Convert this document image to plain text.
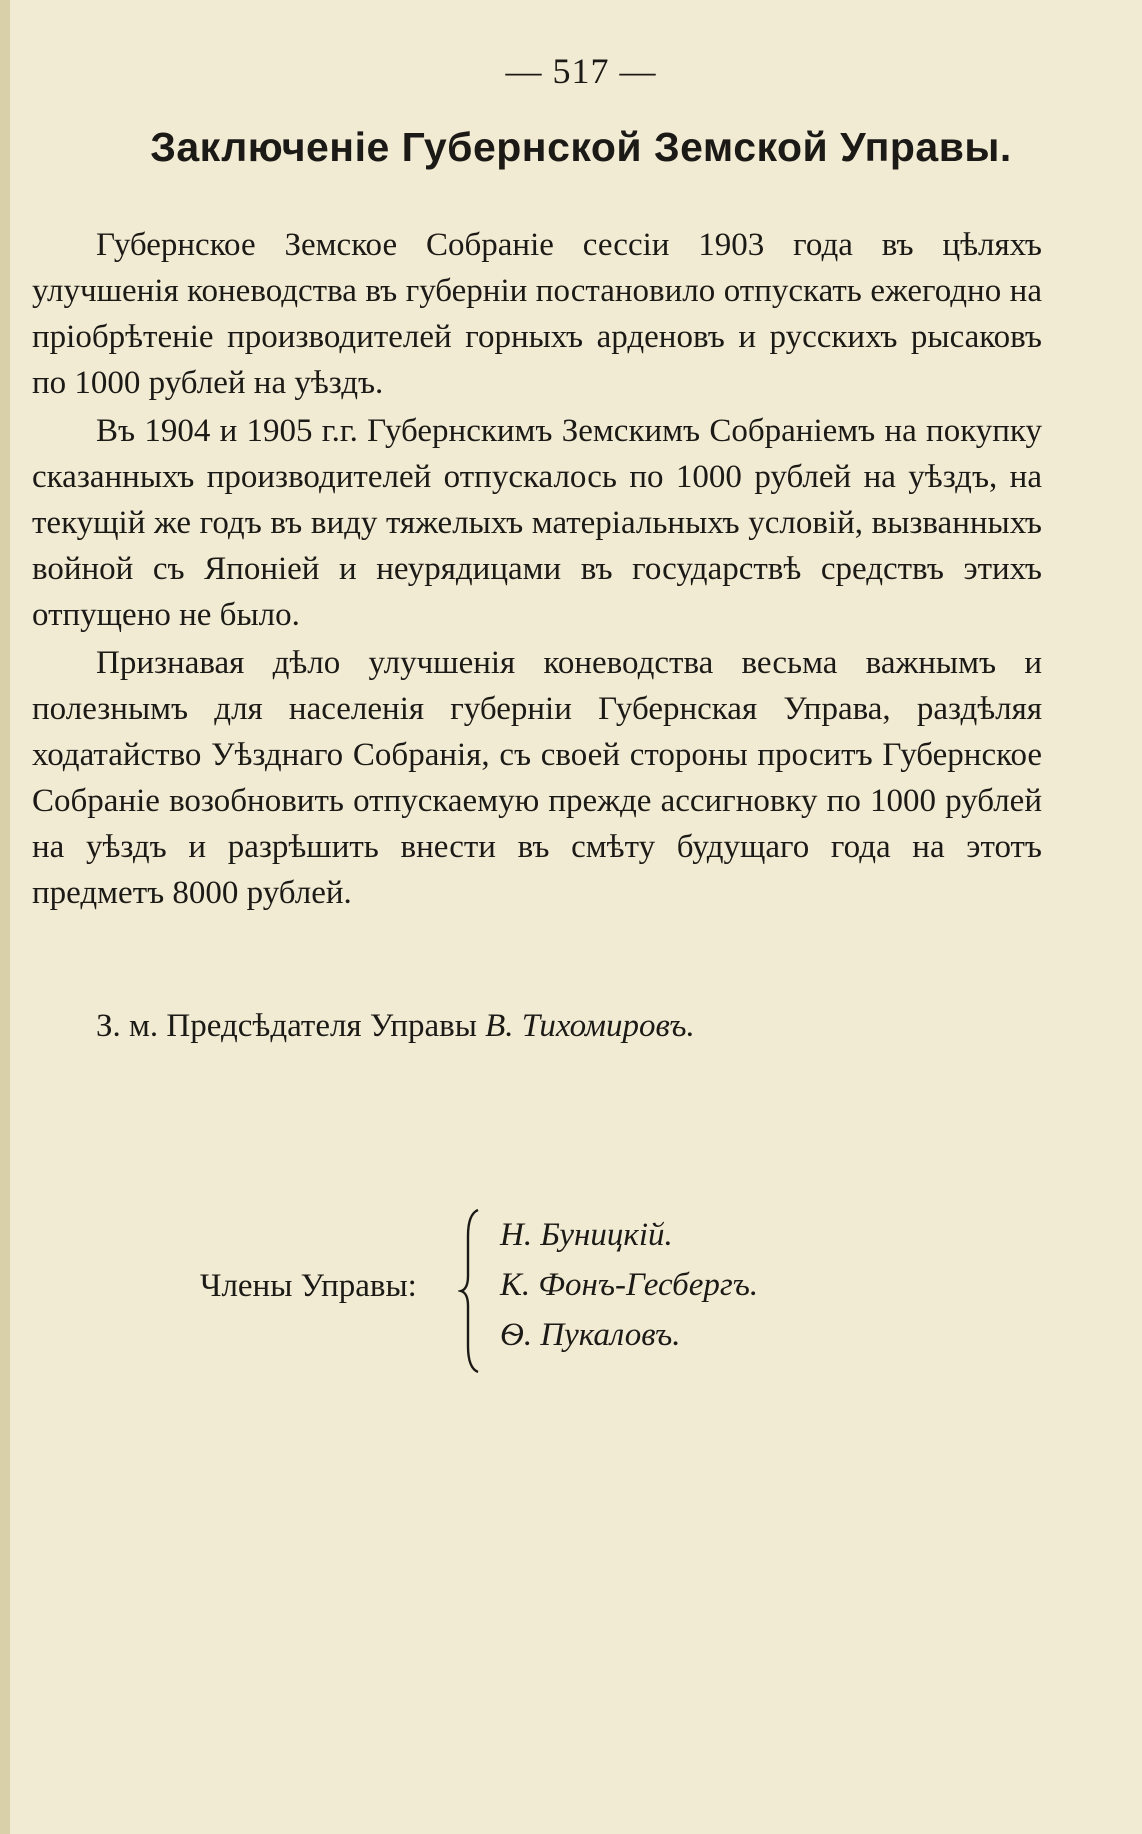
— 517 —
Заключеніе Губернской Земской Управы.

Губернское Земское Собраніе сессіи 1903 года въ цѣляхъ улучшенія коневодства въ губерніи постановило отпускать ежегодно на пріобрѣтеніе производителей горныхъ арденовъ и русскихъ рысаковъ по 1000 рублей на уѣздъ.

Въ 1904 и 1905 г.г. Губернскимъ Земскимъ Собраніемъ на покупку сказанныхъ производителей отпускалось по 1000 рублей на уѣздъ, на текущій же годъ въ виду тяжелыхъ матеріальныхъ условій, вызванныхъ войной съ Японіей и неурядицами въ государствѣ средствъ этихъ отпущено не было.

Признавая дѣло улучшенія коневодства весьма важнымъ и полезнымъ для населенія губерніи Губернская Управа, раздѣляя ходатайство Уѣзднаго Собранія, съ своей стороны проситъ Губернское Собраніе возобновить отпускаемую прежде ассигновку по 1000 рублей на уѣздъ и разрѣшить внести въ смѣту будущаго года на этотъ предметъ 8000 рублей.

З. м. Предсѣдателя Управы В. Тихомировъ.
Члены Управы:
Н. Буницкій.
К. Фонъ-Гесбергъ.
Ѳ. Пукаловъ.
